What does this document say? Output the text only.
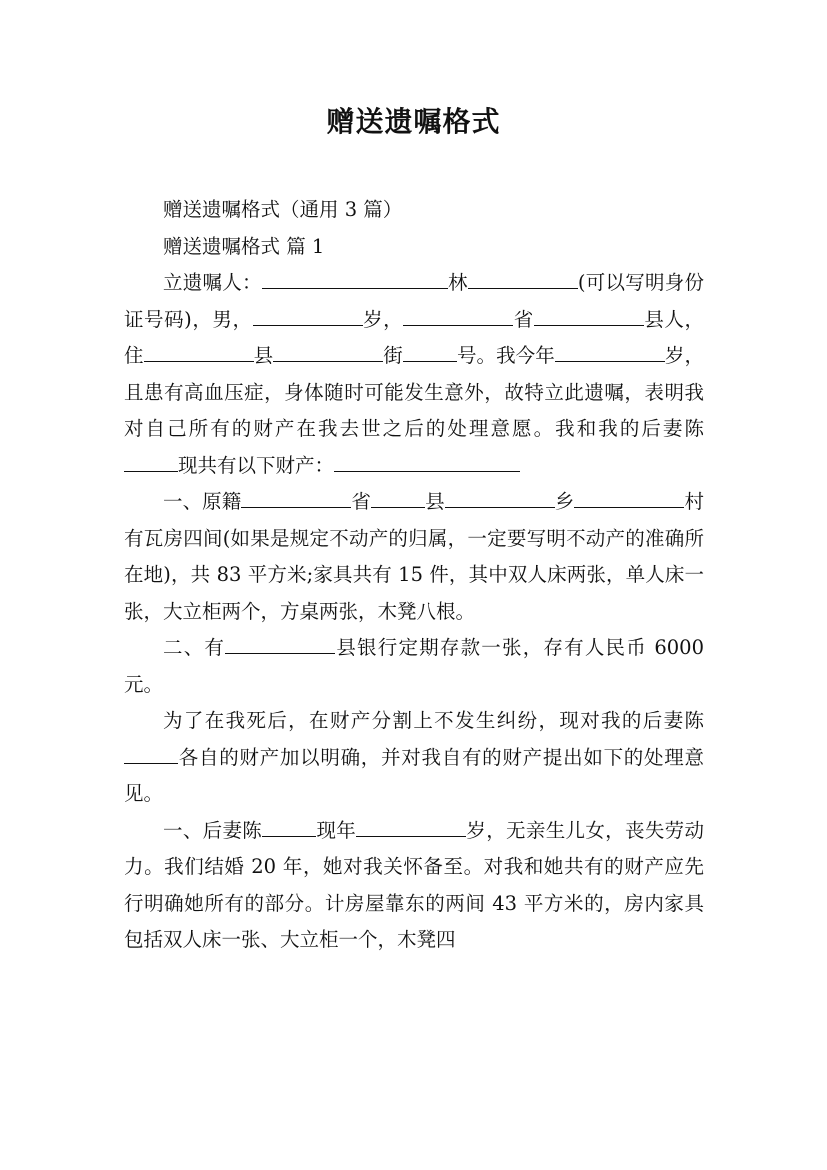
赠送遗嘱格式

赠送遗嘱格式（通用 3 篇）

赠送遗嘱格式 篇 1

立遗嘱人：	林	(可以写明身份证号码)，男，	岁，	省	县人，住	县	街	号。我今年	岁，且患有高血压症，身体随时可能发生意外，故特立此遗嘱，表明我对自己所有的财产在我去世之后的处理意愿。我和我的后妻陈现共有以下财产：

一、原籍	省	县	乡	村有瓦房四间(如果是规定不动产的归属，一定要写明不动产的准确所在地)，共 83 平方米;家具共有 15 件，其中双人床两张，单人床一张，大立柜两个，方桌两张，木凳八根。

二、有	县银行定期存款一张，存有人民币 6000 元。

为了在我死后，在财产分割上不发生纠纷，现对我的后妻陈各自的财产加以明确，并对我自有的财产提出如下的处理意见。

一、后妻陈	现年	岁，无亲生儿女，丧失劳动力。我们结婚 20 年，她对我关怀备至。对我和她共有的财产应先行明确她所有的部分。计房屋靠东的两间 43 平方米的，房内家具包括双人床一张、大立柜一个，木凳四
